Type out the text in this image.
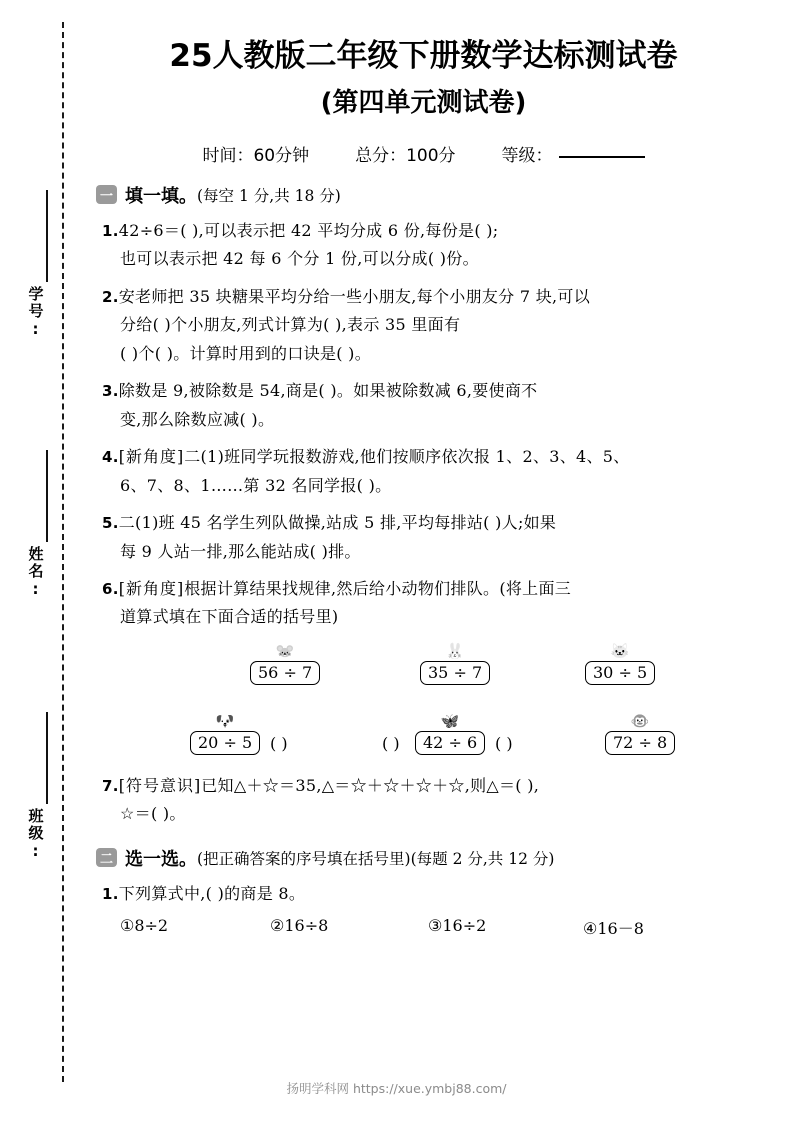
学号:
姓名:
班级:
25人教版二年级下册数学达标测试卷
(第四单元测试卷)
时间：60分钟	总分：100分	等级：
一 填一填。 (每空 1 分,共 18 分)
1.42÷6＝( ),可以表示把 42 平均分成 6 份,每份是( );
也可以表示把 42 每 6 个分 1 份,可以分成( )份。
2.安老师把 35 块糖果平均分给一些小朋友,每个小朋友分 7 块,可以
分给( )个小朋友,列式计算为( ),表示 35 里面有
( )个( )。计算时用到的口诀是( )。
3.除数是 9,被除数是 54,商是( )。如果被除数减 6,要使商不
变,那么除数应减( )。
4.[新角度]二(1)班同学玩报数游戏,他们按顺序依次报 1、2、3、4、5、
6、7、8、1……第 32 名同学报( )。
5.二(1)班 45 名学生列队做操,站成 5 排,平均每排站( )人;如果
每 9 人站一排,那么能站成( )排。
6.[新角度]根据计算结果找规律,然后给小动物们排队。(将上面三
道算式填在下面合适的括号里)
🐭
56 ÷ 7
🐰
35 ÷ 7
🐱
30 ÷ 5
🐶
20 ÷ 5	( )	( )
🦋
42 ÷ 6	( )
🐵
72 ÷ 8
7.[符号意识]已知△＋☆＝35,△＝☆＋☆＋☆＋☆,则△＝( ),
☆＝( )。
二 选一选。 (把正确答案的序号填在括号里)(每题 2 分,共 12 分)
1.下列算式中,( )的商是 8。
①8÷2	②16÷8	③16÷2	④16－8
扬明学科网 https://xue.ymbj88.com/
